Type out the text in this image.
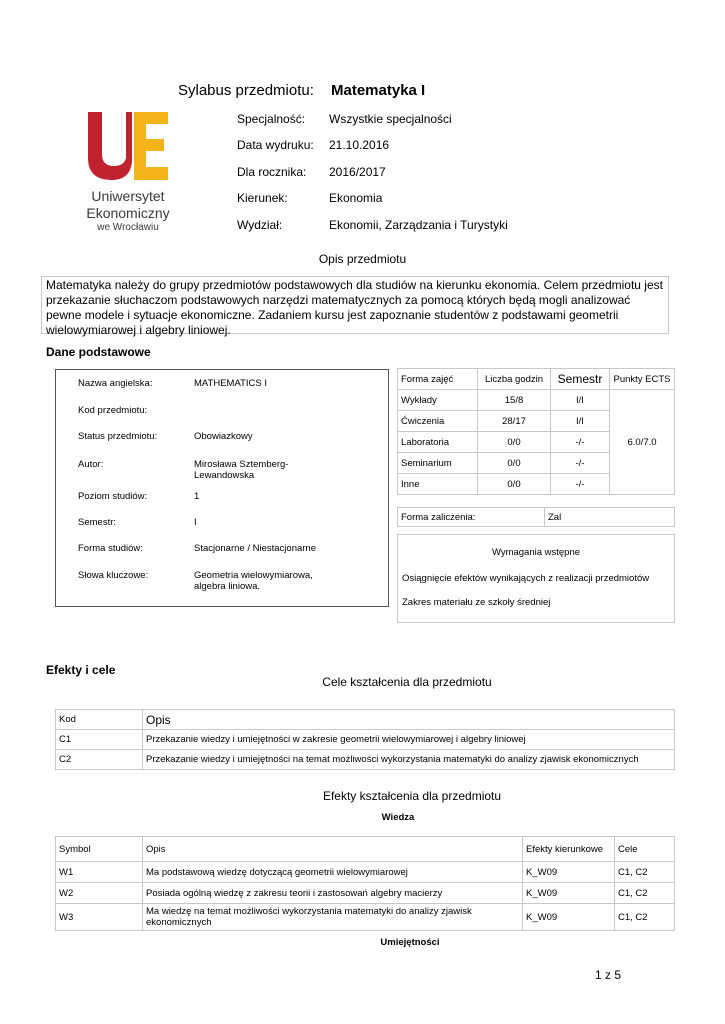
Uniwersytet
Ekonomiczny
we Wrocławiu
Sylabus przedmiotu: Matematyka I
Specjalność: Wszystkie specjalności
Data wydruku: 21.10.2016
Dla rocznika: 2016/2017
Kierunek:	Ekonomia
Wydział:	Ekonomii, Zarządzania i Turystyki
Opis przedmiotu
Matematyka należy do grupy przedmiotów podstawowych dla studiów na kierunku ekonomia. Celem przedmiotu jest przekazanie słuchaczom podstawowych narzędzi matematycznych za pomocą których będą mogli analizować pewne modele i sytuacje ekonomiczne. Zadaniem kursu jest zapoznanie studentów z podstawami geometrii wielowymiarowej i algebry liniowej.
Dane podstawowe
Nazwa angielska:	MATHEMATICS I
Kod przedmiotu:
Status przedmiotu:	Obowiazkowy
Autor:	Mirosława Sztemberg-Lewandowska
Poziom studiów:	1
Semestr:	I
Forma studiów:	Stacjonarne / Niestacjonarne
Słowa kluczowe:	Geometria wielowymiarowa, algebra liniowa.
Forma zajęć	Liczba godzin	Semestr	Punkty ECTS
Wykłady	15/8	I/I	6.0/7.0
Ćwiczenia	28/17	I/I	
Laboratoria	0/0	-/-	
Seminarium	0/0	-/-	
Inne	0/0	-/-	
Forma zaliczenia:	Zal
Wymagania wstępne
Osiągnięcie efektów wynikających z realizacji przedmiotów
Zakres materiału ze szkoły średniej
Efekty i cele
Cele kształcenia dla przedmiotu
Kod	Opis
C1	Przekazanie wiedzy i umiejętności w zakresie geometrii wielowymiarowej i algebry liniowej
C2	Przekazanie wiedzy i umiejętności na temat możliwości wykorzystania matematyki do analizy zjawisk ekonomicznych
Efekty kształcenia dla przedmiotu
Wiedza
Symbol	Opis	Efekty kierunkowe	Cele
W1	Ma podstawową wiedzę dotyczącą geometrii wielowymiarowej	K_W09	C1, C2
W2	Posiada ogólną wiedzę z zakresu teorii i zastosowań algebry macierzy	K_W09	C1, C2
W3	Ma wiedzę na temat możliwości wykorzystania matematyki do analizy zjawisk ekonomicznych	K_W09	C1, C2
Umiejętności
1 z 5
